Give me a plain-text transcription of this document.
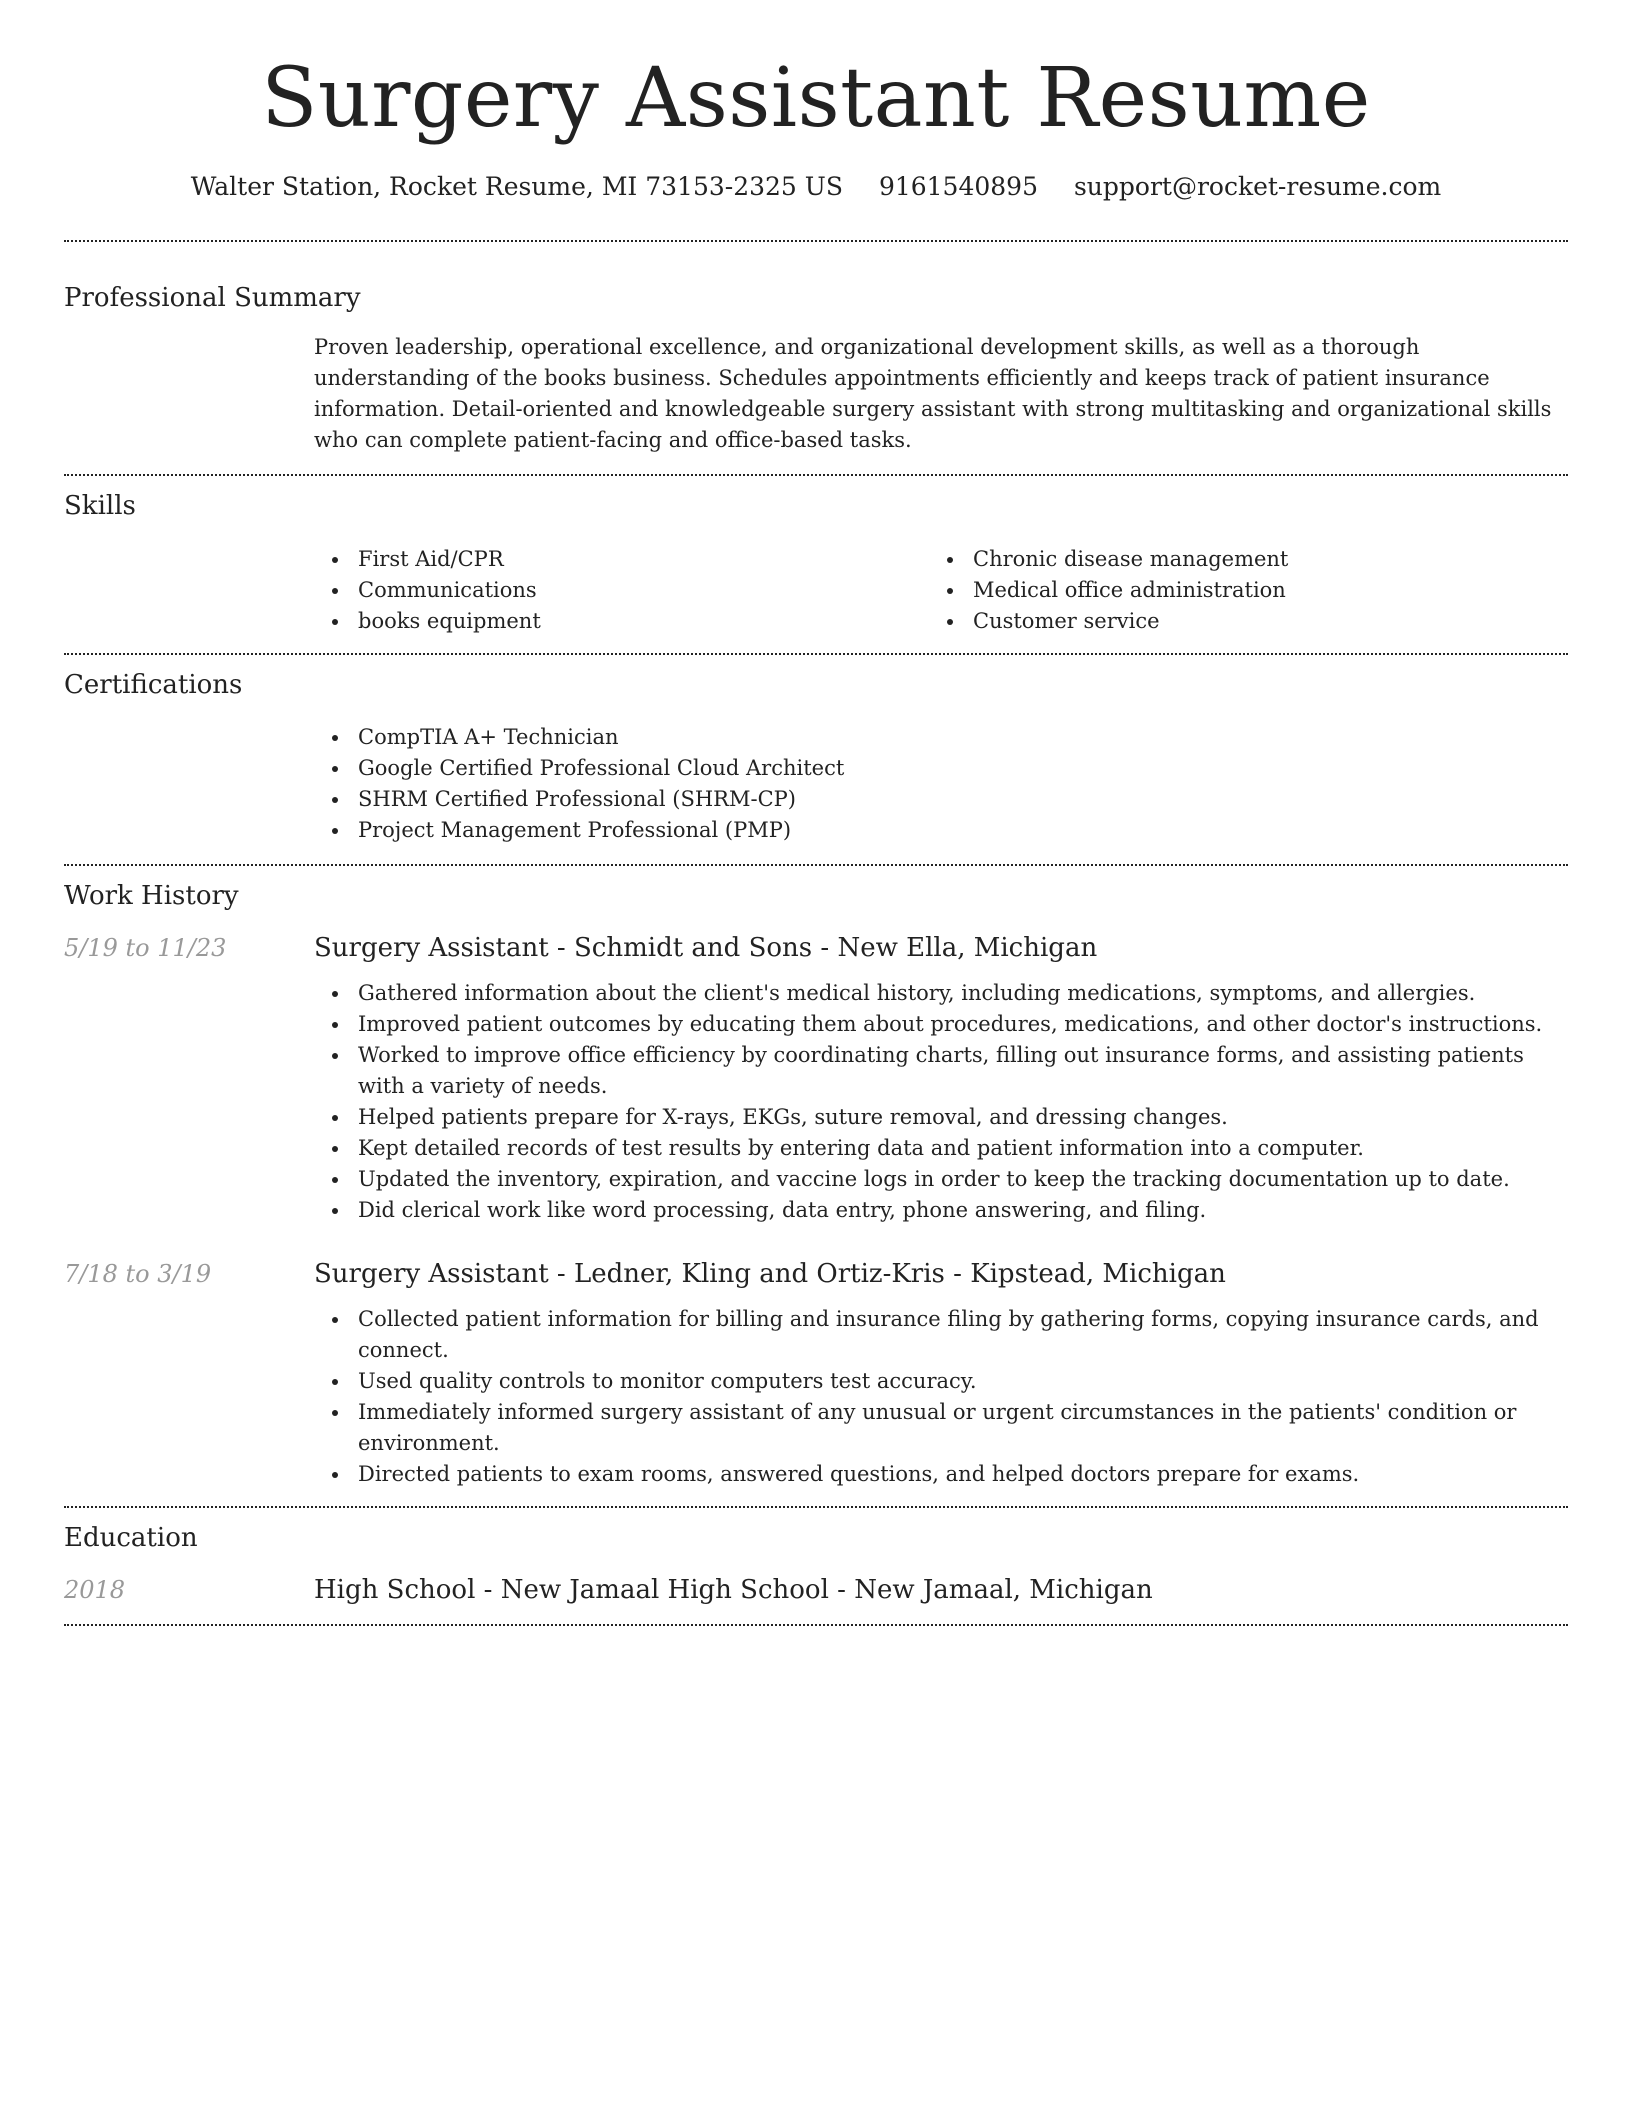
Surgery Assistant Resume
Walter Station, Rocket Resume, MI 73153-2325 US 9161540895 support@rocket-resume.com
Professional Summary

Proven leadership, operational excellence, and organizational development skills, as well as a thorough understanding of the books business. Schedules appointments efficiently and keeps track of patient insurance information. Detail-oriented and knowledgeable surgery assistant with strong multitasking and organizational skills who can complete patient-facing and office-based tasks.

Skills
First Aid/CPR
Communications
books equipment
Chronic disease management
Medical office administration
Customer service
Certifications
CompTIA A+ Technician
Google Certified Professional Cloud Architect
SHRM Certified Professional (SHRM-CP)
Project Management Professional (PMP)
Work History
5/19 to 11/23	Surgery Assistant - Schmidt and Sons - New Ella, Michigan
Gathered information about the client's medical history, including medications, symptoms, and allergies.
Improved patient outcomes by educating them about procedures, medications, and other doctor's instructions.
Worked to improve office efficiency by coordinating charts, filling out insurance forms, and assisting patients with a variety of needs.
Helped patients prepare for X-rays, EKGs, suture removal, and dressing changes.
Kept detailed records of test results by entering data and patient information into a computer.
Updated the inventory, expiration, and vaccine logs in order to keep the tracking documentation up to date.
Did clerical work like word processing, data entry, phone answering, and filing.
7/18 to 3/19	Surgery Assistant - Ledner, Kling and Ortiz-Kris - Kipstead, Michigan
Collected patient information for billing and insurance filing by gathering forms, copying insurance cards, and connect.
Used quality controls to monitor computers test accuracy.
Immediately informed surgery assistant of any unusual or urgent circumstances in the patients' condition or environment.
Directed patients to exam rooms, answered questions, and helped doctors prepare for exams.
Education
2018	High School - New Jamaal High School - New Jamaal, Michigan
